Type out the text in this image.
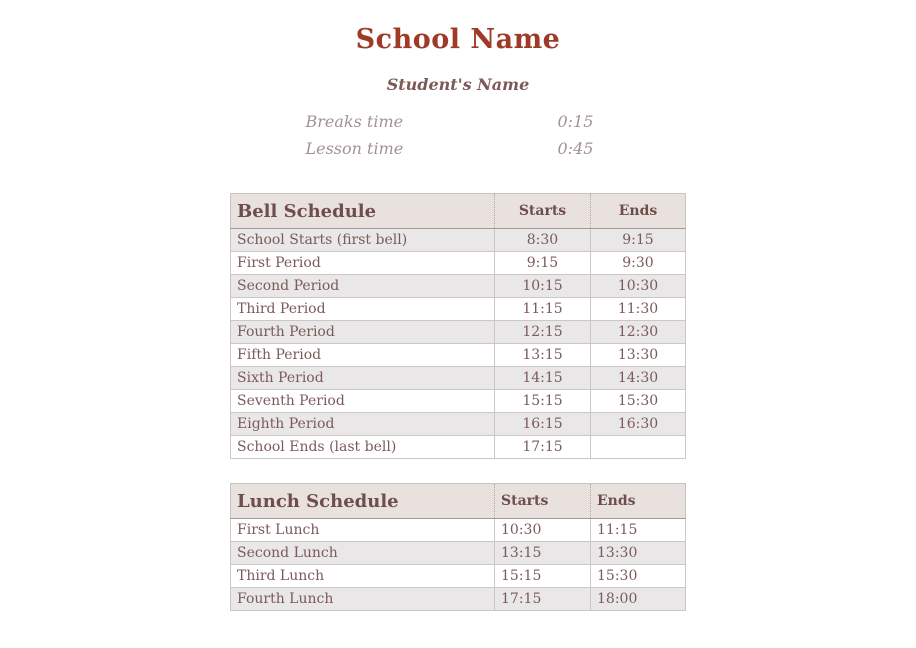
School Name
Student's Name
Breaks time	0:15
Lesson time	0:45
Bell Schedule	Starts	Ends
School Starts (first bell)	8:30	9:15
First Period	9:15	9:30
Second Period	10:15	10:30
Third Period	11:15	11:30
Fourth Period	12:15	12:30
Fifth Period	13:15	13:30
Sixth Period	14:15	14:30
Seventh Period	15:15	15:30
Eighth Period	16:15	16:30
School Ends (last bell)	17:15	
Lunch Schedule	Starts	Ends
First Lunch	10:30	11:15
Second Lunch	13:15	13:30
Third Lunch	15:15	15:30
Fourth Lunch	17:15	18:00
